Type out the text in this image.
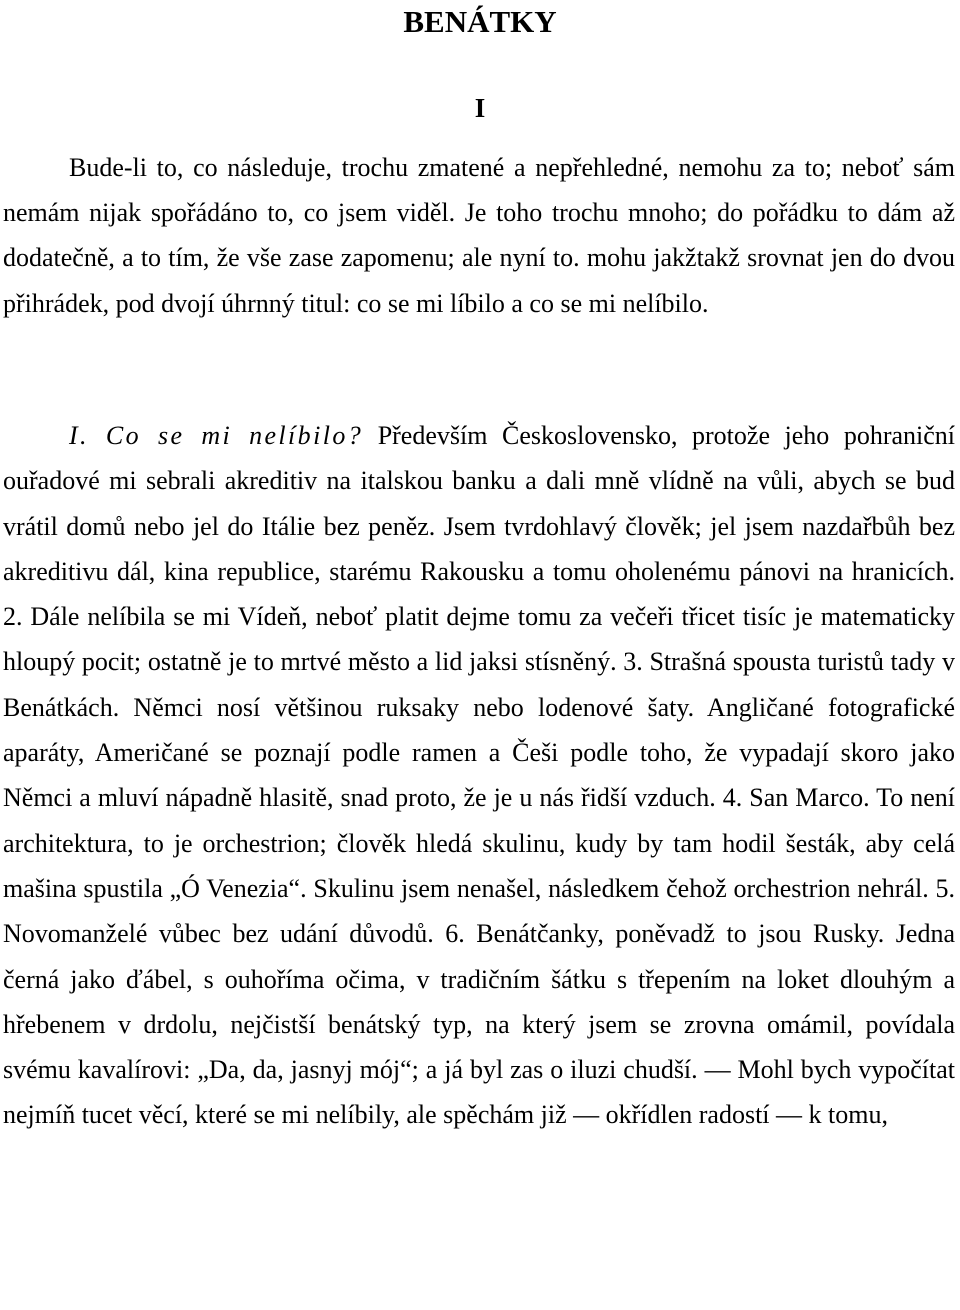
BENÁTKY
I

Bude-li to, co následuje, trochu zmatené a nepřehledné, nemohu za to; neboť sám nemám nijak spořádáno to, co jsem viděl. Je toho trochu mnoho; do pořádku to dám až dodatečně, a to tím, že vše zase zapomenu; ale nyní to. mohu jakžtakž srovnat jen do dvou přihrádek, pod dvojí úhrnný titul: co se mi líbilo a co se mi nelíbilo.

I. Co se mi nelíbilo? Především Československo, protože jeho pohraniční ouřadové mi sebrali akreditiv na italskou banku a dali mně vlídně na vůli, abych se bud vrátil domů nebo jel do Itálie bez peněz. Jsem tvrdohlavý člověk; jel jsem nazdařbůh bez akreditivu dál, kina republice, starému Rakousku a tomu oholenému pánovi na hranicích. 2. Dále nelíbila se mi Vídeň, neboť platit dejme tomu za večeři třicet tisíc je matematicky hloupý pocit; ostatně je to mrtvé město a lid jaksi stísněný. 3. Strašná spousta turistů tady v Benátkách. Němci nosí většinou ruksaky nebo lodenové šaty. Angličané fotografické aparáty, Američané se poznají podle ramen a Češi podle toho, že vypadají skoro jako Němci a mluví nápadně hlasitě, snad proto, že je u nás řidší vzduch. 4. San Marco. To není architektura, to je orchestrion; člověk hledá skulinu, kudy by tam hodil šesták, aby celá mašina spustila „Ó Venezia“. Skulinu jsem nenašel, následkem čehož orchestrion nehrál. 5. Novomanželé vůbec bez udání důvodů. 6. Benátčanky, poněvadž to jsou Rusky. Jedna černá jako ďábel, s ouhoříma očima, v tradičním šátku s třepením na loket dlouhým a hřebenem v drdolu, nejčistší benátský typ, na který jsem se zrovna omámil, povídala svému kavalírovi: „Da, da, jasnyj mój“; a já byl zas o iluzi chudší. — Mohl bych vypočítat nejmíň tucet věcí, které se mi nelíbily, ale spěchám již — okřídlen radostí — k tomu,
